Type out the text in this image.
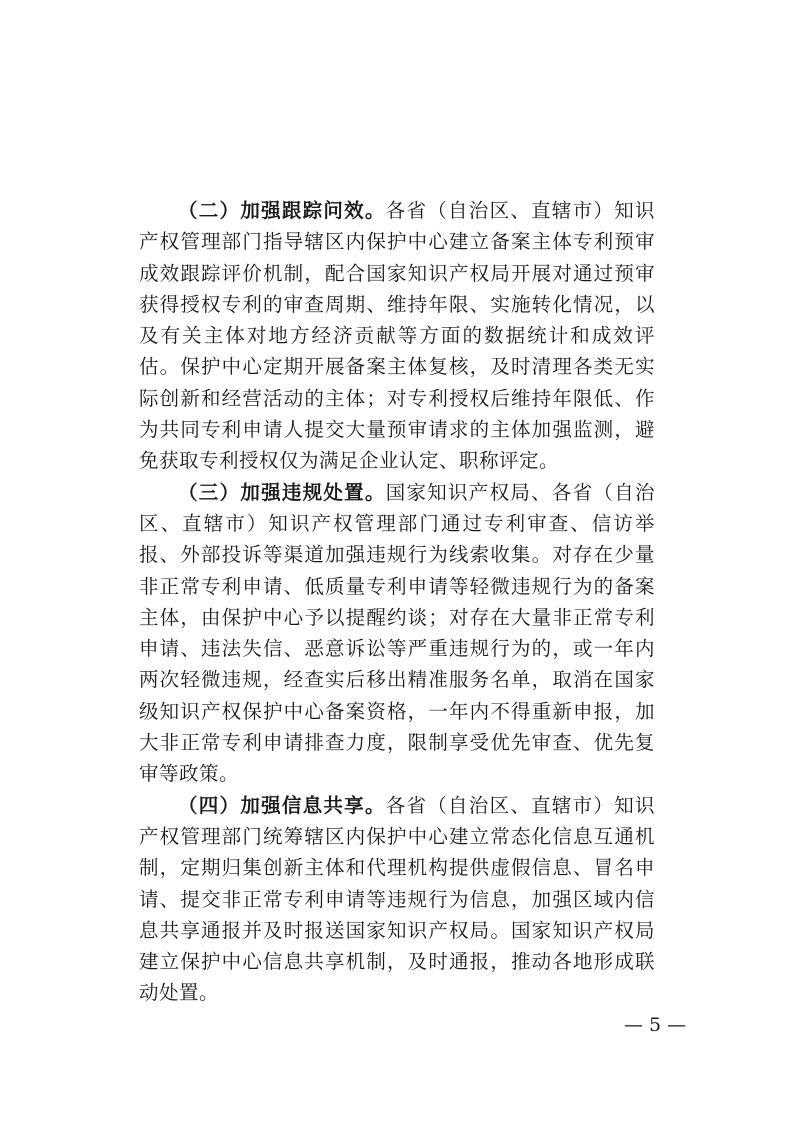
（二）加强跟踪问效。各省（自治区、直辖市）知识产权管理部门指导辖区内保护中心建立备案主体专利预审成效跟踪评价机制，配合国家知识产权局开展对通过预审获得授权专利的审查周期、维持年限、实施转化情况，以及有关主体对地方经济贡献等方面的数据统计和成效评估。保护中心定期开展备案主体复核，及时清理各类无实际创新和经营活动的主体；对专利授权后维持年限低、作为共同专利申请人提交大量预审请求的主体加强监测，避免获取专利授权仅为满足企业认定、职称评定。

（三）加强违规处置。国家知识产权局、各省（自治区、直辖市）知识产权管理部门通过专利审查、信访举报、外部投诉等渠道加强违规行为线索收集。对存在少量非正常专利申请、低质量专利申请等轻微违规行为的备案主体，由保护中心予以提醒约谈；对存在大量非正常专利申请、违法失信、恶意诉讼等严重违规行为的，或一年内两次轻微违规，经查实后移出精准服务名单，取消在国家级知识产权保护中心备案资格，一年内不得重新申报，加大非正常专利申请排查力度，限制享受优先审查、优先复审等政策。

（四）加强信息共享。各省（自治区、直辖市）知识产权管理部门统筹辖区内保护中心建立常态化信息互通机制，定期归集创新主体和代理机构提供虚假信息、冒名申请、提交非正常专利申请等违规行为信息，加强区域内信息共享通报并及时报送国家知识产权局。国家知识产权局建立保护中心信息共享机制，及时通报，推动各地形成联动处置。

— 5 —
